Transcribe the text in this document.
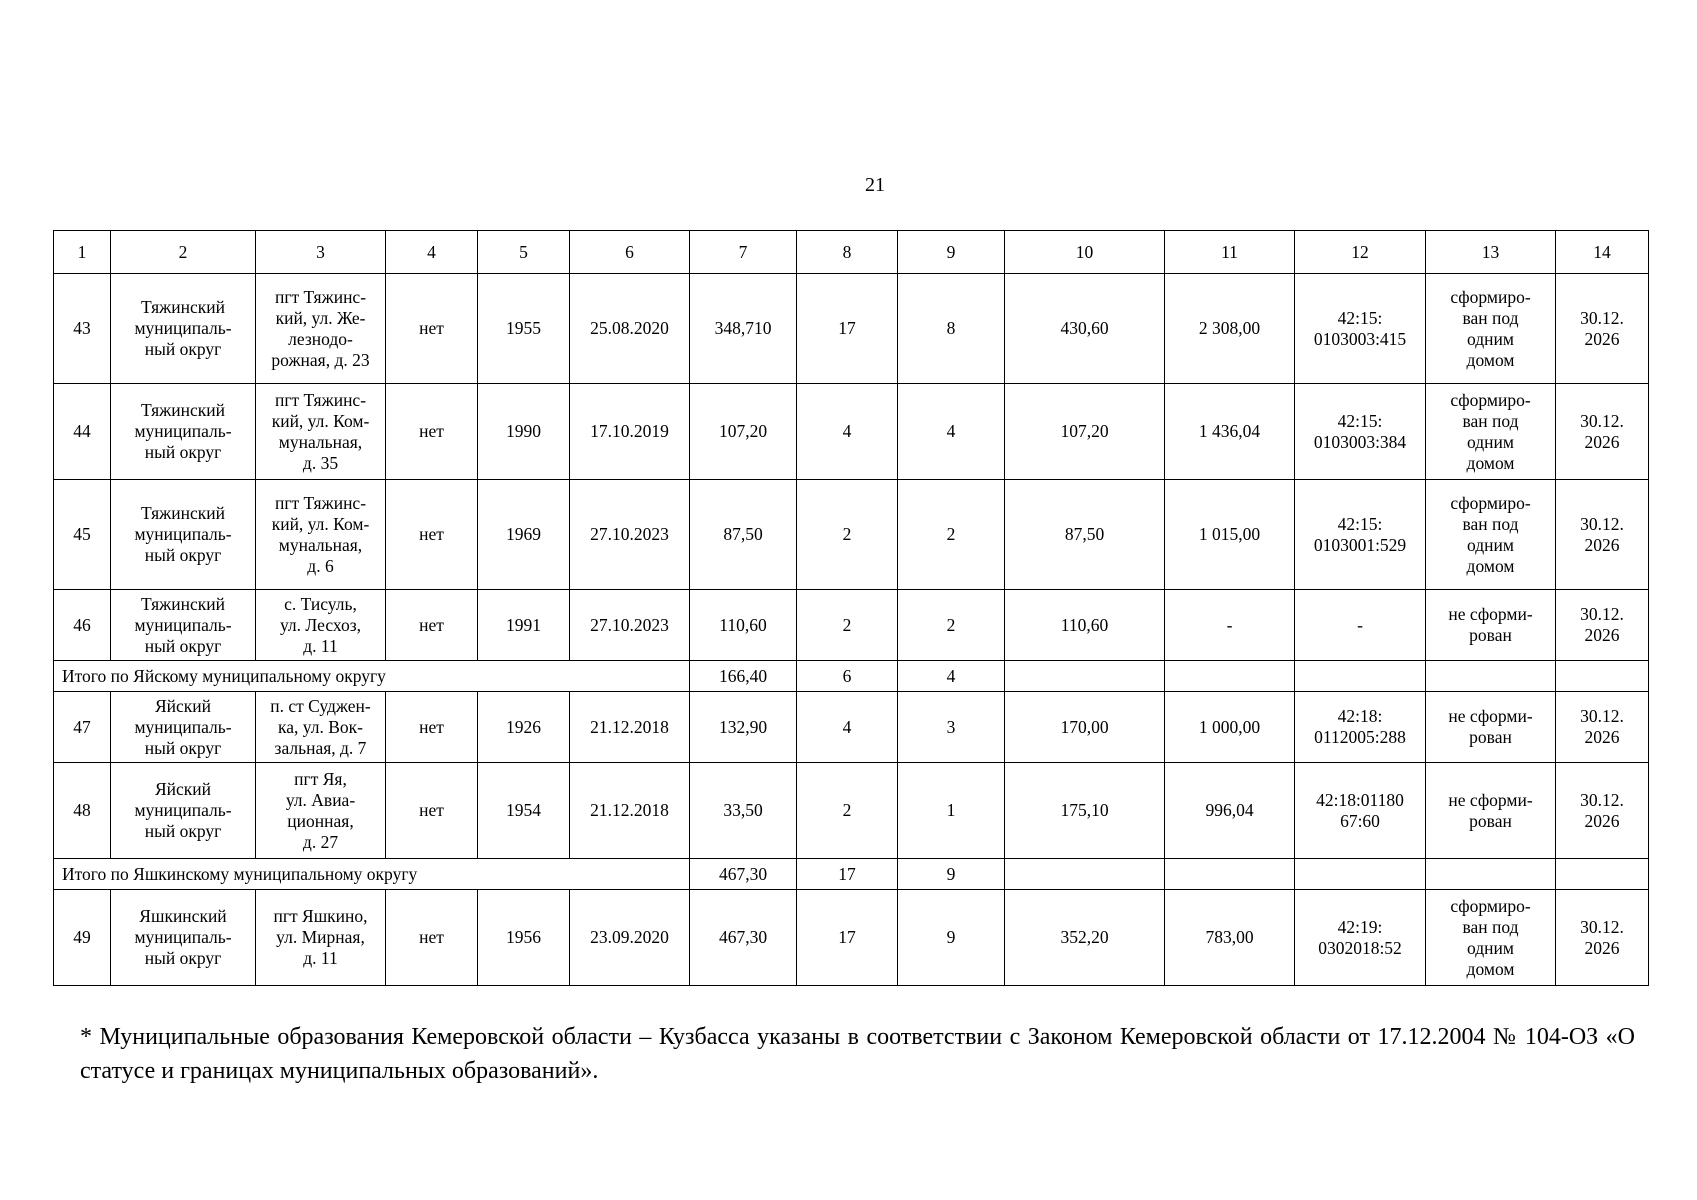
21
1	2	3	4	5	6	7	8	9	10	11	12	13	14
43	Тяжинский
муниципаль-
ный округ	пгт Тяжинс-
кий, ул. Же-
лезнодо-
рожная, д. 23	нет	1955	25.08.2020	348,710	17	8	430,60	2 308,00	42:15:
0103003:415	сформиро-
ван под
одним
домом	30.12.
2026
44	Тяжинский
муниципаль-
ный округ	пгт Тяжинс-
кий, ул. Ком-
мунальная,
д. 35	нет	1990	17.10.2019	107,20	4	4	107,20	1 436,04	42:15:
0103003:384	сформиро-
ван под
одним
домом	30.12.
2026
45	Тяжинский
муниципаль-
ный округ	пгт Тяжинс-
кий, ул. Ком-
мунальная,
д. 6	нет	1969	27.10.2023	87,50	2	2	87,50	1 015,00	42:15:
0103001:529	сформиро-
ван под
одним
домом	30.12.
2026
46	Тяжинский
муниципаль-
ный округ	с. Тисуль,
ул. Лесхоз,
д. 11	нет	1991	27.10.2023	110,60	2	2	110,60	-	-	не сформи-
рован	30.12.
2026
Итого по Яйскому муниципальному округу						166,40	6	4					
47	Яйский
муниципаль-
ный округ	п. ст Суджен-
ка, ул. Вок-
зальная, д. 7	нет	1926	21.12.2018	132,90	4	3	170,00	1 000,00	42:18:
0112005:288	не сформи-
рован	30.12.
2026
48	Яйский
муниципаль-
ный округ	пгт Яя,
ул. Авиа-
ционная,
д. 27	нет	1954	21.12.2018	33,50	2	1	175,10	996,04	42:18:01180
67:60	не сформи-
рован	30.12.
2026
Итого по Яшкинскому муниципальному округу						467,30	17	9					
49	Яшкинский
муниципаль-
ный округ	пгт Яшкино,
ул. Мирная,
д. 11	нет	1956	23.09.2020	467,30	17	9	352,20	783,00	42:19:
0302018:52	сформиро-
ван под
одним
домом	30.12.
2026
* Муниципальные образования Кемеровской области – Кузбасса указаны в соответствии с Законом Кемеровской области от 17.12.2004 № 104-ОЗ «О статусе и границах муниципальных образований».
